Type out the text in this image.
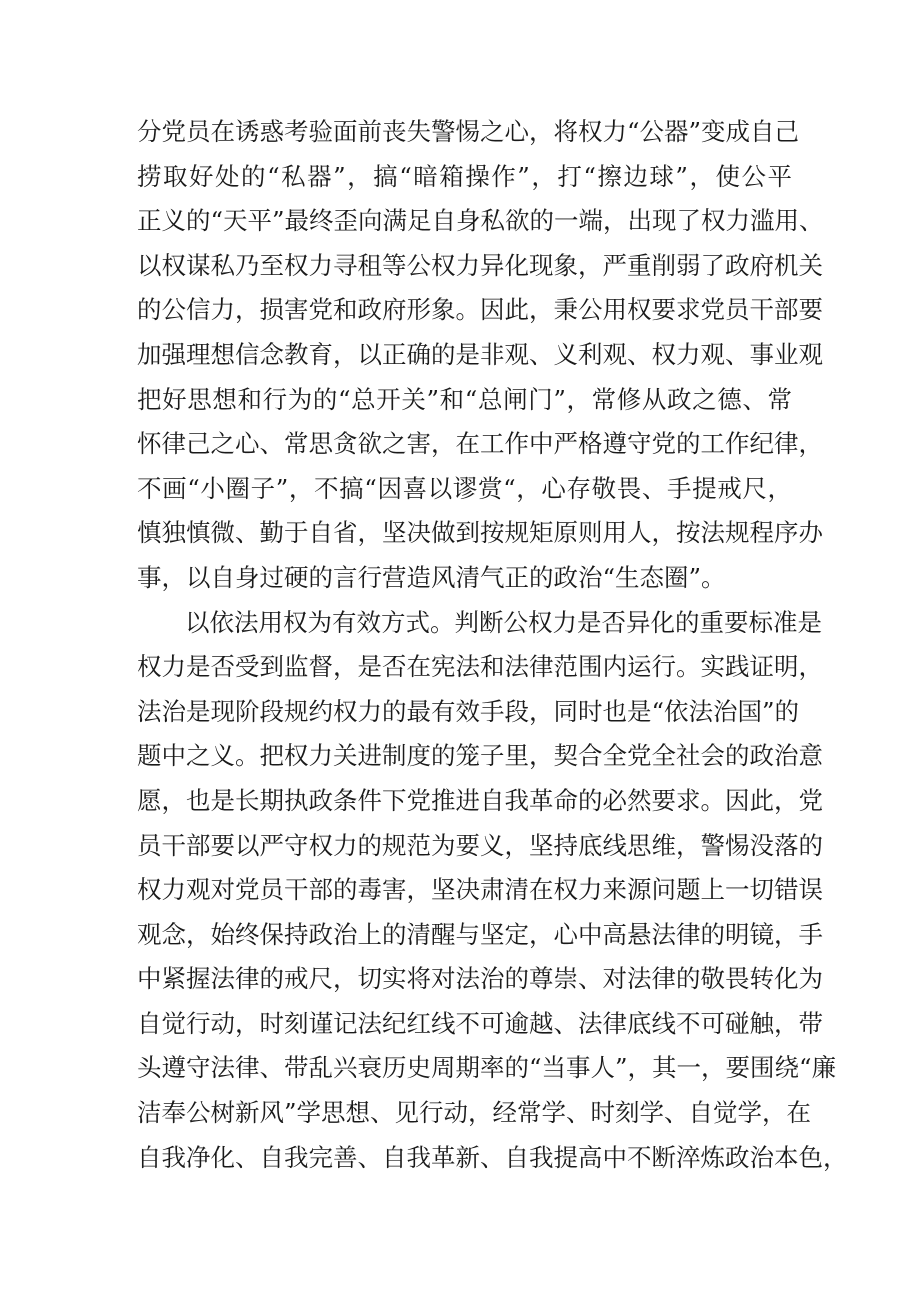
分党员在诱惑考验面前丧失警惕之心，将权力“公器”变成自己
捞取好处的“私器”，搞“暗箱操作”，打“擦边球”，使公平
正义的“天平”最终歪向满足自身私欲的一端，出现了权力滥用、
以权谋私乃至权力寻租等公权力异化现象，严重削弱了政府机关
的公信力，损害党和政府形象。因此，秉公用权要求党员干部要
加强理想信念教育，以正确的是非观、义利观、权力观、事业观
把好思想和行为的“总开关”和“总闸门”，常修从政之德、常
怀律己之心、常思贪欲之害，在工作中严格遵守党的工作纪律，
不画“小圈子”，不搞“因喜以谬赏“，心存敬畏、手提戒尺，
慎独慎微、勤于自省，坚决做到按规矩原则用人，按法规程序办
事，以自身过硬的言行营造风清气正的政治“生态圈”。
以依法用权为有效方式。判断公权力是否异化的重要标准是
权力是否受到监督，是否在宪法和法律范围内运行。实践证明，
法治是现阶段规约权力的最有效手段，同时也是“依法治国”的
题中之义。把权力关进制度的笼子里，契合全党全社会的政治意
愿，也是长期执政条件下党推进自我革命的必然要求。因此，党
员干部要以严守权力的规范为要义，坚持底线思维，警惕没落的
权力观对党员干部的毒害，坚决肃清在权力来源问题上一切错误
观念，始终保持政治上的清醒与坚定，心中高悬法律的明镜，手
中紧握法律的戒尺，切实将对法治的尊崇、对法律的敬畏转化为
自觉行动，时刻谨记法纪红线不可逾越、法律底线不可碰触，带
头遵守法律、带乱兴衰历史周期率的“当事人”，其一，要围绕“廉
洁奉公树新风”学思想、见行动，经常学、时刻学、自觉学，在
自我净化、自我完善、自我革新、自我提高中不断淬炼政治本色，
